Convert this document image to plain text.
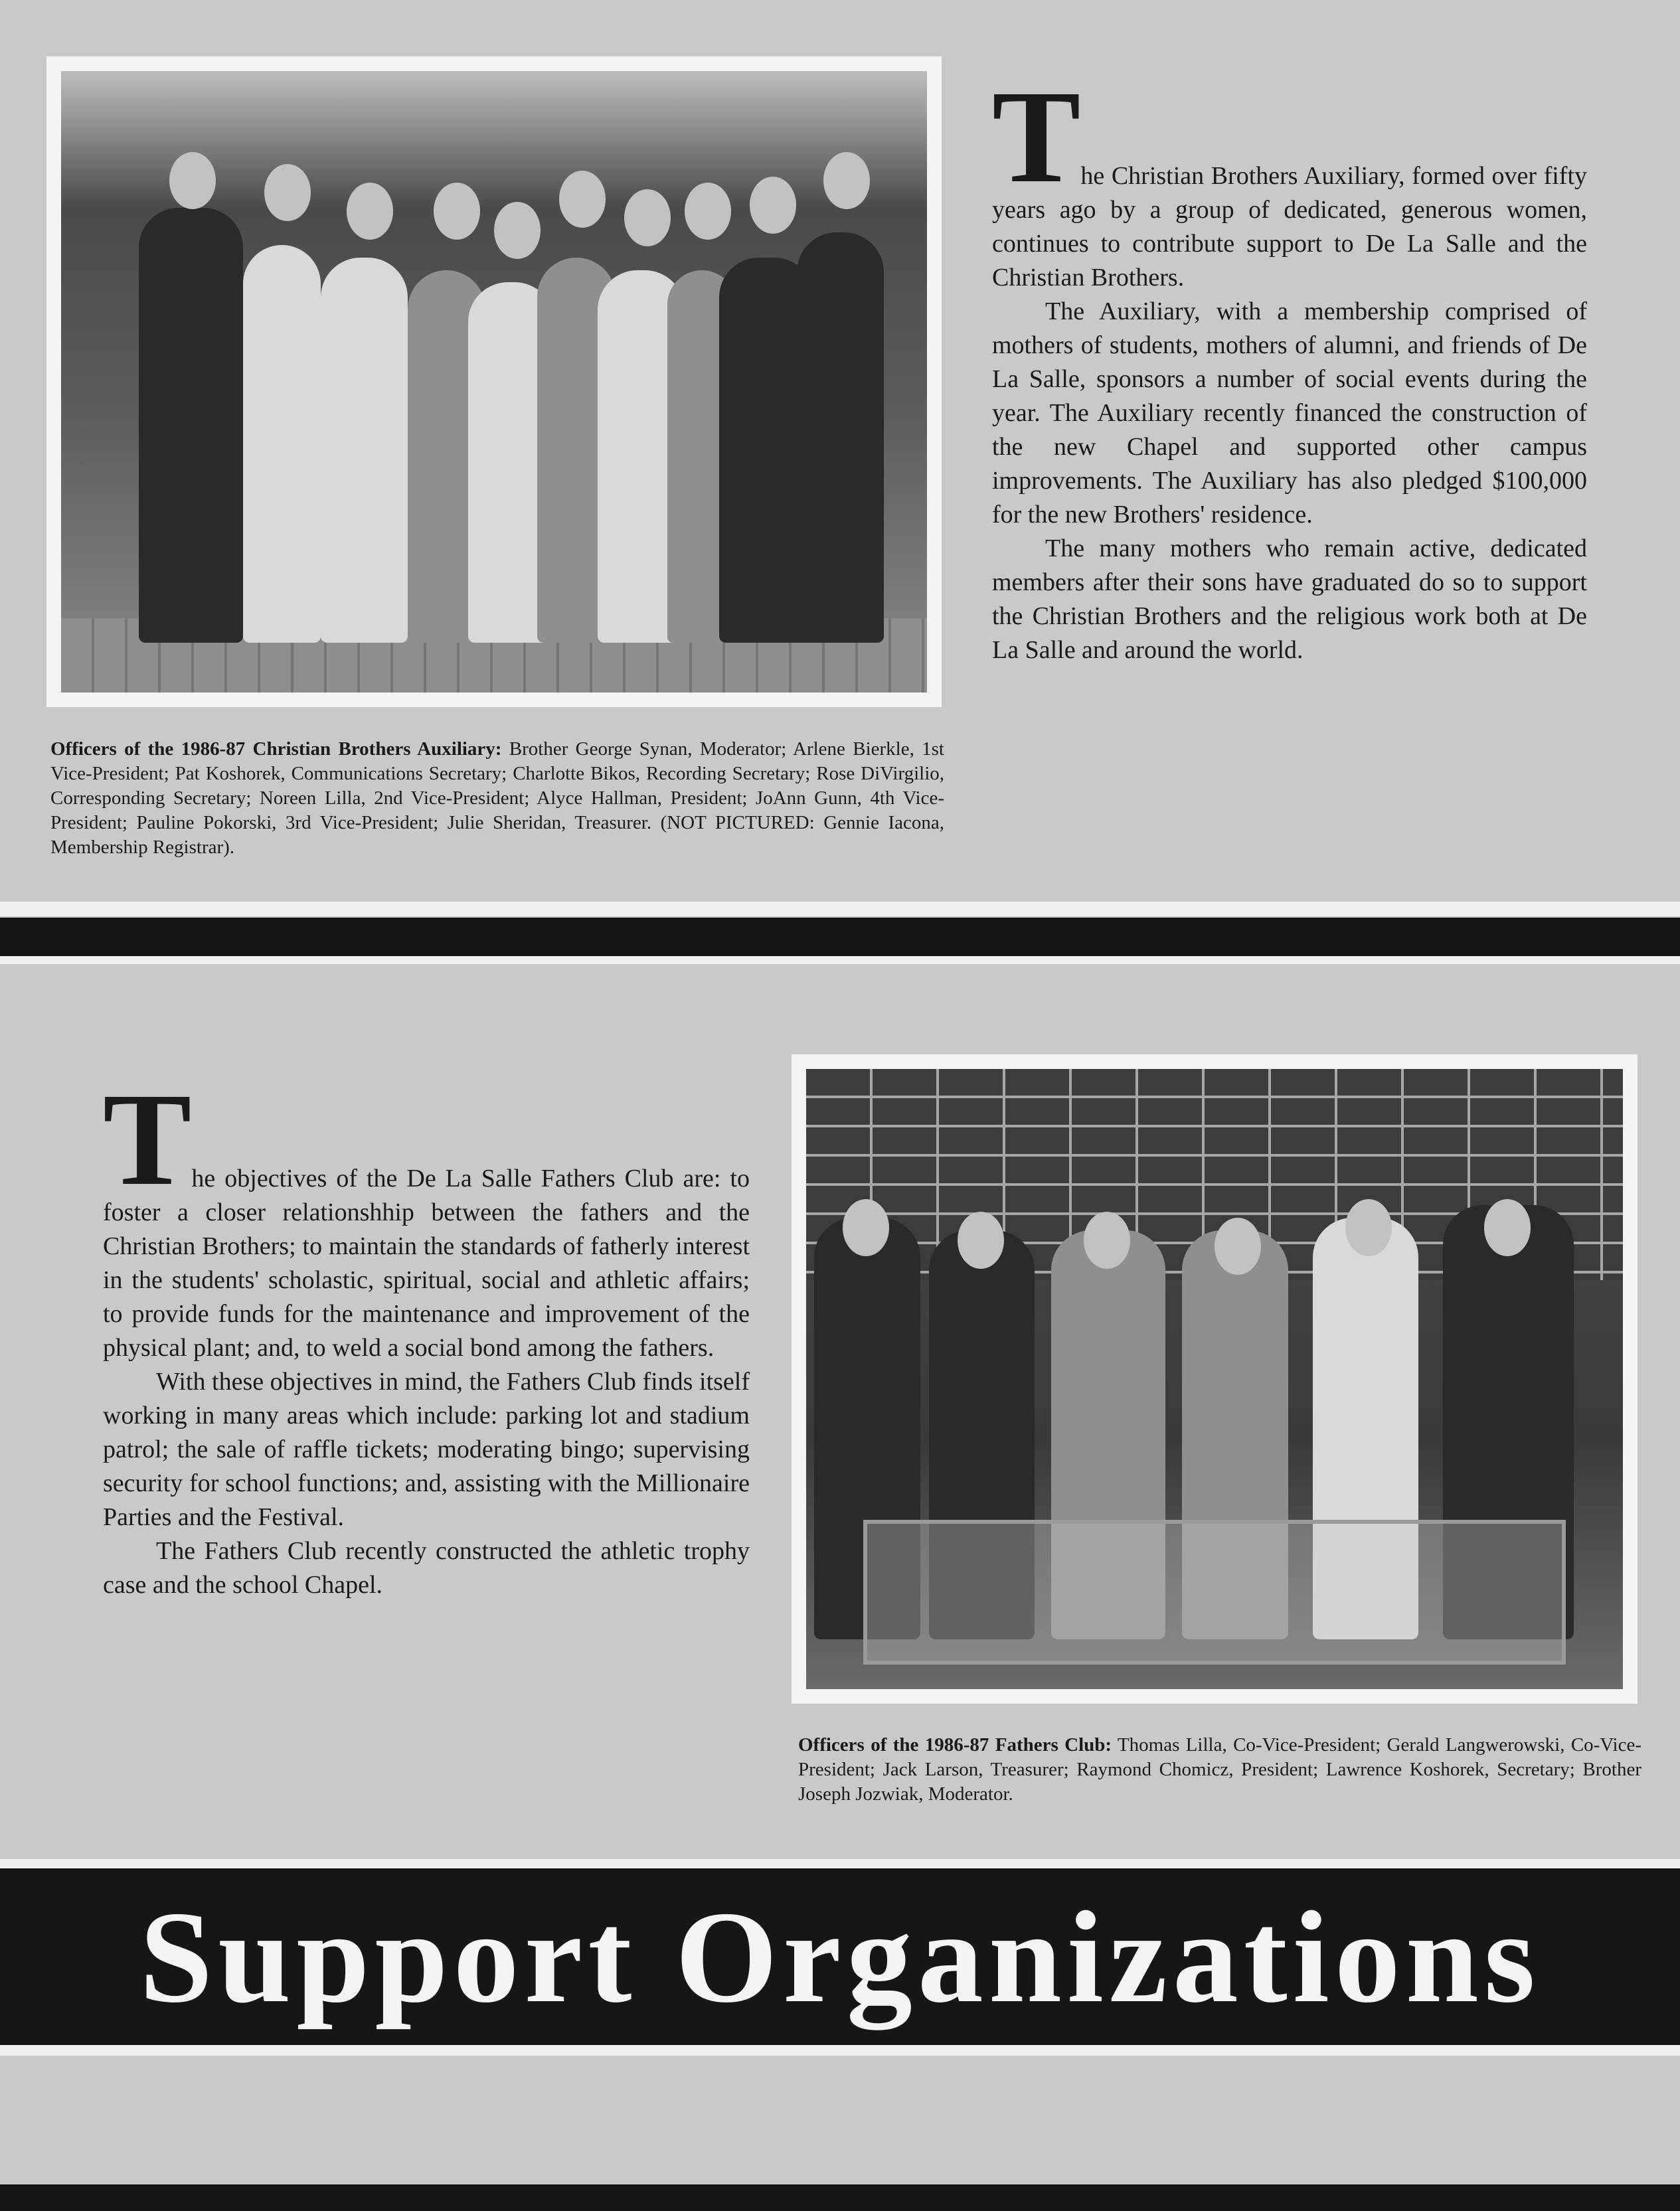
The Christian Brothers Auxiliary, formed over fifty years ago by a group of dedicated, generous women, continues to contribute support to De La Salle and the Christian Brothers.

The Auxiliary, with a membership comprised of mothers of students, mothers of alumni, and friends of De La Salle, sponsors a number of social events during the year. The Auxiliary recently financed the construction of the new Chapel and supported other campus improvements. The Auxiliary has also pledged $100,000 for the new Brothers' residence.

The many mothers who remain active, dedicated members after their sons have graduated do so to support the Christian Brothers and the religious work both at De La Salle and around the world.

Officers of the 1986-87 Christian Brothers Auxiliary: Brother George Synan, Moderator; Arlene Bierkle, 1st Vice-President; Pat Koshorek, Communications Secretary; Charlotte Bikos, Recording Secretary; Rose DiVirgilio, Corresponding Secretary; Noreen Lilla, 2nd Vice-President; Alyce Hallman, President; JoAnn Gunn, 4th Vice-President; Pauline Pokorski, 3rd Vice-President; Julie Sheridan, Treasurer. (NOT PICTURED: Gennie Iacona, Membership Registrar).

The objectives of the De La Salle Fathers Club are: to foster a closer relationshhip between the fathers and the Christian Brothers; to maintain the standards of fatherly interest in the students' scholastic, spiritual, social and athletic affairs; to provide funds for the maintenance and improvement of the physical plant; and, to weld a social bond among the fathers.

With these objectives in mind, the Fathers Club finds itself working in many areas which include: parking lot and stadium patrol; the sale of raffle tickets; moderating bingo; supervising security for school functions; and, assisting with the Millionaire Parties and the Festival.

The Fathers Club recently constructed the athletic trophy case and the school Chapel.

Officers of the 1986-87 Fathers Club: Thomas Lilla, Co-Vice-President; Gerald Langwerowski, Co-Vice-President; Jack Larson, Treasurer; Raymond Chomicz, President; Lawrence Koshorek, Secretary; Brother Joseph Jozwiak, Moderator.
Support Organizations
